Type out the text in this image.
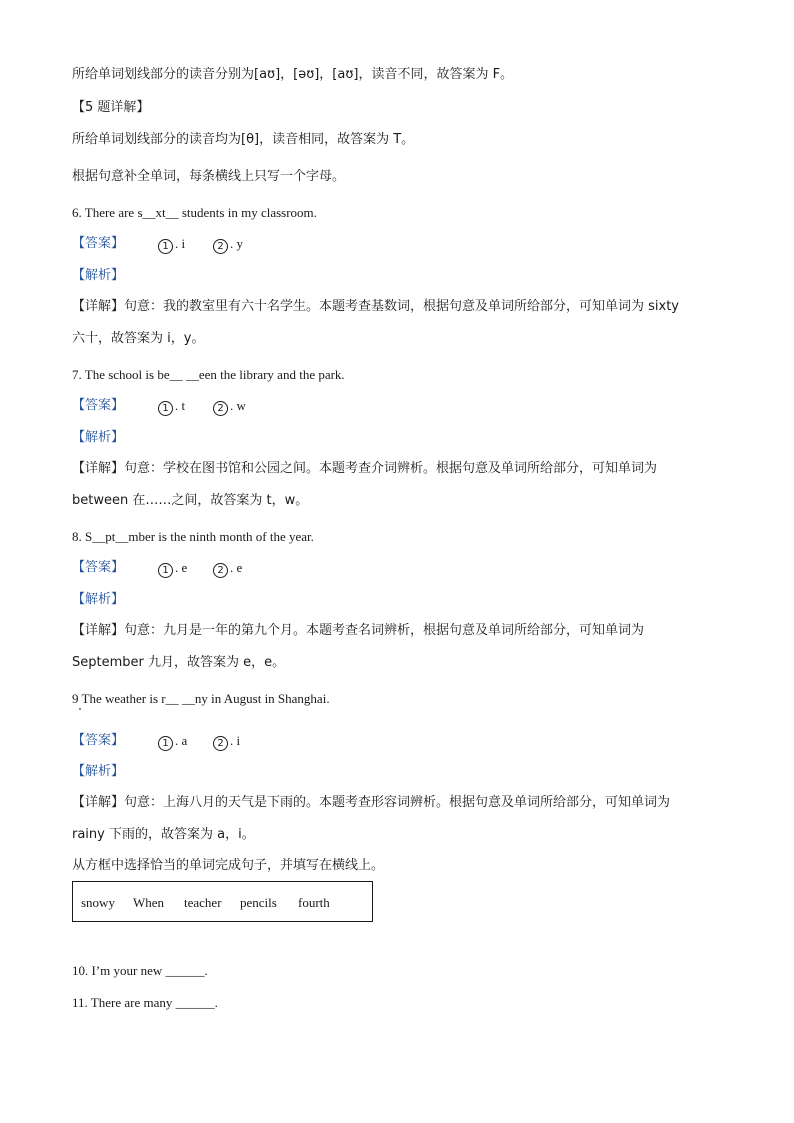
所给单词划线部分的读音分别为[aʊ]，[əʊ]，[aʊ]，读音不同，故答案为 F。
【5 题详解】
所给单词划线部分的读音均为[θ]，读音相同，故答案为 T。
根据句意补全单词，每条横线上只写一个字母。
6. There are s__xt__ students in my classroom.
【答案】	1 . i	2 . y
【解析】
【详解】句意：我的教室里有六十名学生。本题考查基数词，根据句意及单词所给部分，可知单词为 sixty
六十，故答案为 i，y。
7. The school is be__ __een the library and the park.
【答案】	1 . t	2 . w
【解析】
【详解】句意：学校在图书馆和公园之间。本题考查介词辨析。根据句意及单词所给部分，可知单词为
between 在……之间，故答案为 t，w。
8. S__pt__mber is the ninth month of the year.
【答案】	1 . e	2 . e
【解析】
【详解】句意：九月是一年的第九个月。本题考查名词辨析，根据句意及单词所给部分，可知单词为
September 九月，故答案为 e，e。
9 The weather is r__ __ny in August in Shanghai.
【答案】	1 . a	2 . i
【解析】
【详解】句意：上海八月的天气是下雨的。本题考查形容词辨析。根据句意及单词所给部分，可知单词为
rainy 下雨的，故答案为 a，i。
从方框中选择恰当的单词完成句子，并填写在横线上。
snowy When teacher pencils fourth
10. I’m your new ______.
11. There are many ______.
